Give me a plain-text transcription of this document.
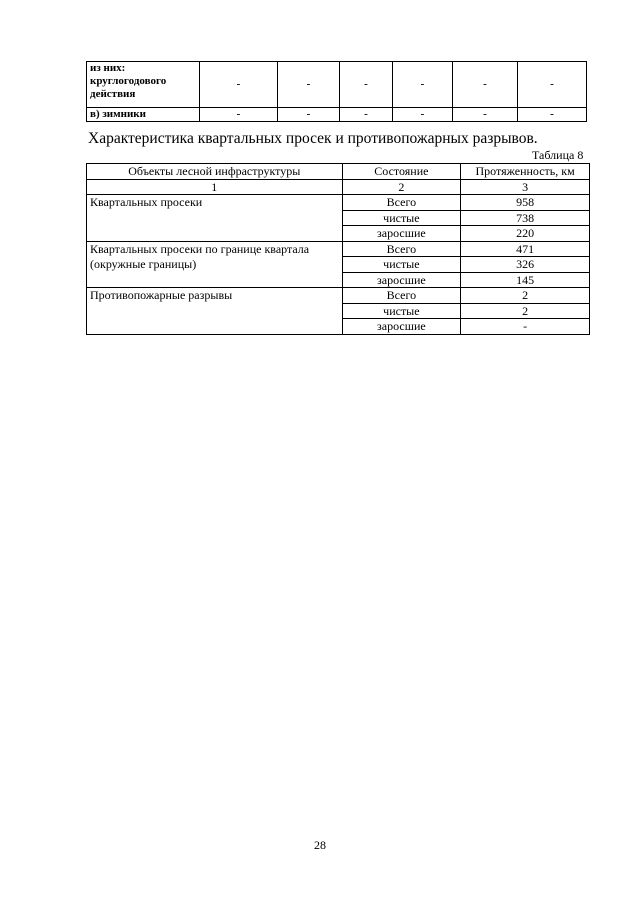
из них:
круглогодового
действия	-	-	-	-	-	-
в) зимники	-	-	-	-	-	-
Характеристика квартальных просек и противопожарных разрывов.
Таблица 8
Объекты лесной инфраструктуры	Состояние	Протяженность, км
1	2	3
Квартальных просеки	Всего	958
	чистые	738
	заросшие	220

Квартальных просеки по границе квартала
(окружные границы)	Всего	471
	чистые	326
	заросшие	145
Противопожарные разрывы	Всего	2
	чистые	2
	заросшие	-
28
